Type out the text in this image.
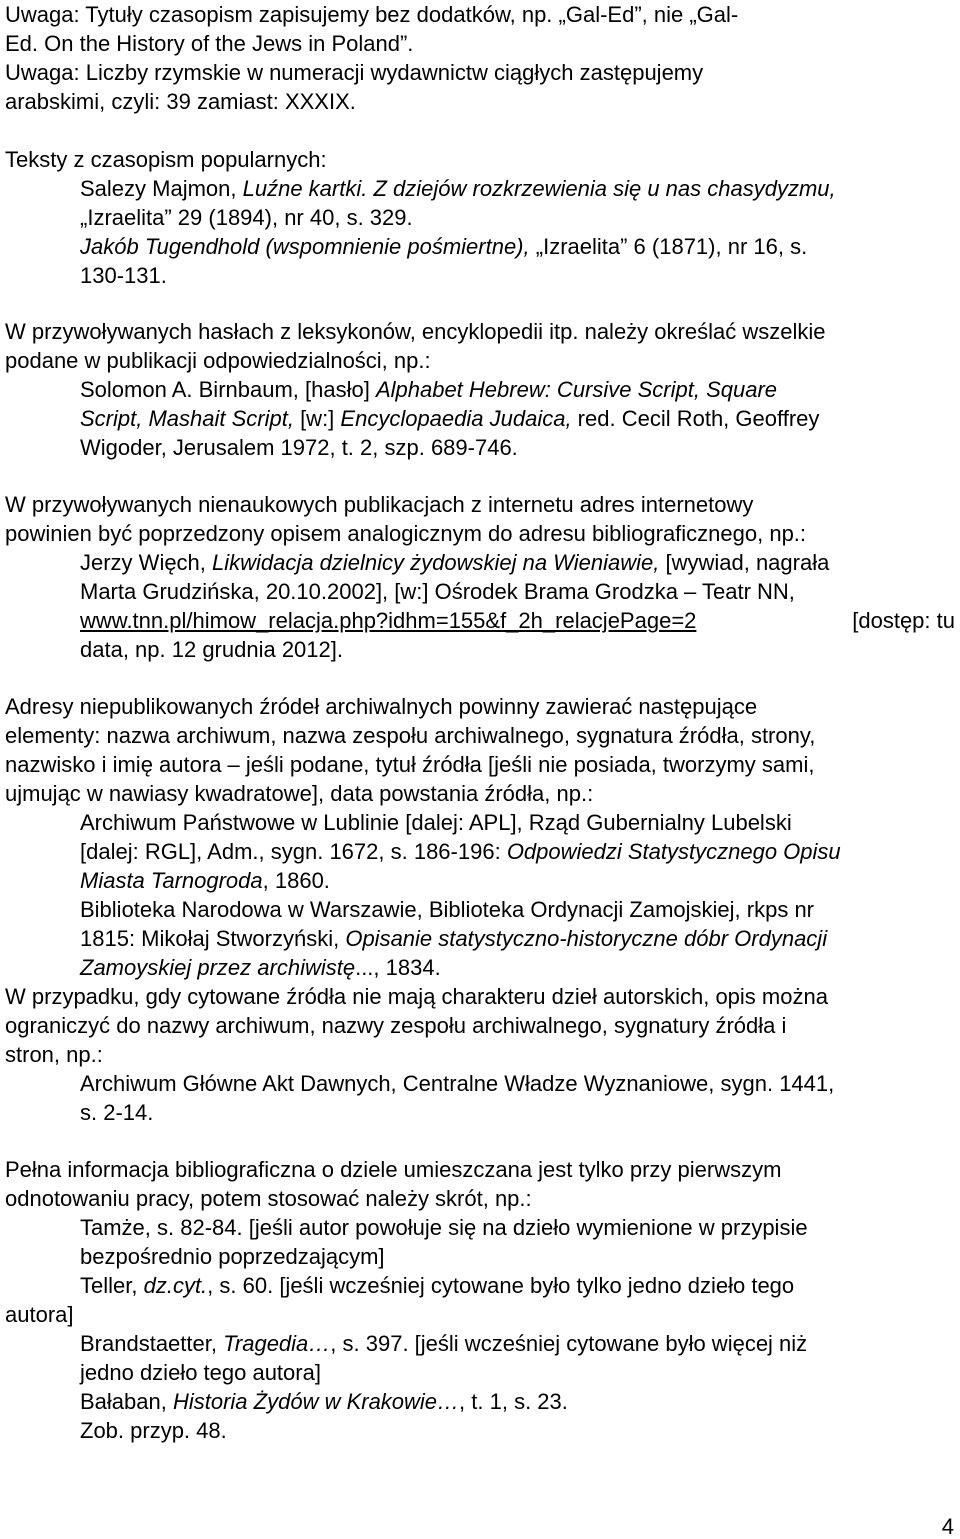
Uwaga: Tytuły czasopism zapisujemy bez dodatków, np. „Gal-Ed”, nie „Gal-
Ed. On the History of the Jews in Poland”.
Uwaga: Liczby rzymskie w numeracji wydawnictw ciągłych zastępujemy
arabskimi, czyli: 39 zamiast: XXXIX.
Teksty z czasopism popularnych:
Salezy Majmon, Luźne kartki. Z dziejów rozkrzewienia się u nas chasydyzmu,
„Izraelita” 29 (1894), nr 40, s. 329.
Jakób Tugendhold (wspomnienie pośmiertne), „Izraelita” 6 (1871), nr 16, s.
130-131.
W przywoływanych hasłach z leksykonów, encyklopedii itp. należy określać wszelkie
podane w publikacji odpowiedzialności, np.:
Solomon A. Birnbaum, [hasło] Alphabet Hebrew: Cursive Script, Square
Script, Mashait Script, [w:] Encyclopaedia Judaica, red. Cecil Roth, Geoffrey
Wigoder, Jerusalem 1972, t. 2, szp. 689-746.
W przywoływanych nienaukowych publikacjach z internetu adres internetowy
powinien być poprzedzony opisem analogicznym do adresu bibliograficznego, np.:
Jerzy Więch, Likwidacja dzielnicy żydowskiej na Wieniawie, [wywiad, nagrała
Marta Grudzińska, 20.10.2002], [w:] Ośrodek Brama Grodzka – Teatr NN,
www.tnn.pl/himow_relacja.php?idhm=155&f_2h_relacjePage=2	[dostęp: tu
data, np. 12 grudnia 2012].
Adresy niepublikowanych źródeł archiwalnych powinny zawierać następujące
elementy: nazwa archiwum, nazwa zespołu archiwalnego, sygnatura źródła, strony,
nazwisko i imię autora – jeśli podane, tytuł źródła [jeśli nie posiada, tworzymy sami,
ujmując w nawiasy kwadratowe], data powstania źródła, np.:
Archiwum Państwowe w Lublinie [dalej: APL], Rząd Gubernialny Lubelski
[dalej: RGL], Adm., sygn. 1672, s. 186-196: Odpowiedzi Statystycznego Opisu
Miasta Tarnogroda, 1860.
Biblioteka Narodowa w Warszawie, Biblioteka Ordynacji Zamojskiej, rkps nr
1815: Mikołaj Stworzyński, Opisanie statystyczno-historyczne dóbr Ordynacji
Zamoyskiej przez archiwistę..., 1834.
W przypadku, gdy cytowane źródła nie mają charakteru dzieł autorskich, opis można
ograniczyć do nazwy archiwum, nazwy zespołu archiwalnego, sygnatury źródła i
stron, np.:
Archiwum Główne Akt Dawnych, Centralne Władze Wyznaniowe, sygn. 1441,
s. 2-14.
Pełna informacja bibliograficzna o dziele umieszczana jest tylko przy pierwszym
odnotowaniu pracy, potem stosować należy skrót, np.:
Tamże, s. 82-84. [jeśli autor powołuje się na dzieło wymienione w przypisie
bezpośrednio poprzedzającym]
Teller, dz.cyt., s. 60. [jeśli wcześniej cytowane było tylko jedno dzieło tego
autora]
Brandstaetter, Tragedia…, s. 397. [jeśli wcześniej cytowane było więcej niż
jedno dzieło tego autora]
Bałaban, Historia Żydów w Krakowie…, t. 1, s. 23.
Zob. przyp. 48.
4
